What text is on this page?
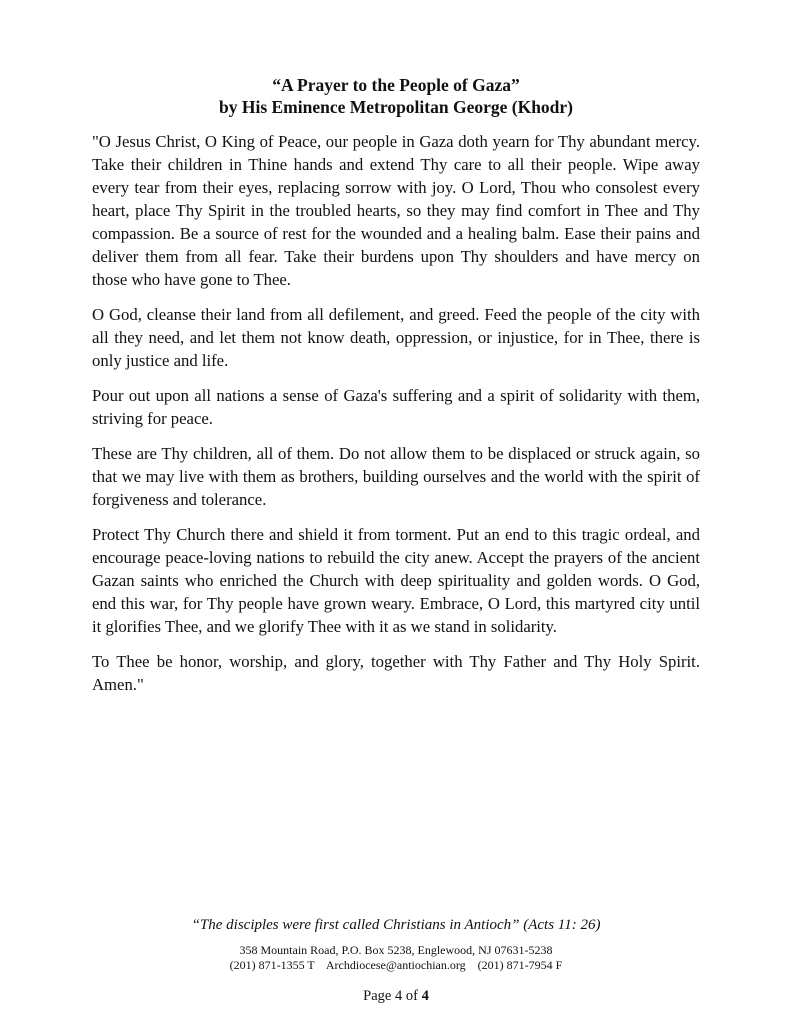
“A Prayer to the People of Gaza”

by His Eminence Metropolitan George (Khodr)

"O Jesus Christ, O King of Peace, our people in Gaza doth yearn for Thy abundant mercy. Take their children in Thine hands and extend Thy care to all their people. Wipe away every tear from their eyes, replacing sorrow with joy. O Lord, Thou who consolest every heart, place Thy Spirit in the troubled hearts, so they may find comfort in Thee and Thy compassion. Be a source of rest for the wounded and a healing balm. Ease their pains and deliver them from all fear. Take their burdens upon Thy shoulders and have mercy on those who have gone to Thee.

O God, cleanse their land from all defilement, and greed. Feed the people of the city with all they need, and let them not know death, oppression, or injustice, for in Thee, there is only justice and life.

Pour out upon all nations a sense of Gaza's suffering and a spirit of solidarity with them, striving for peace.

These are Thy children, all of them. Do not allow them to be displaced or struck again, so that we may live with them as brothers, building ourselves and the world with the spirit of forgiveness and tolerance.

Protect Thy Church there and shield it from torment. Put an end to this tragic ordeal, and encourage peace-loving nations to rebuild the city anew. Accept the prayers of the ancient Gazan saints who enriched the Church with deep spirituality and golden words. O God, end this war, for Thy people have grown weary. Embrace, O Lord, this martyred city until it glorifies Thee, and we glorify Thee with it as we stand in solidarity.

To Thee be honor, worship, and glory, together with Thy Father and Thy Holy Spirit. Amen."

“The disciples were first called Christians in Antioch” (Acts 11: 26)

358 Mountain Road, P.O. Box 5238, Englewood, NJ 07631-5238

(201) 871-1355 T    Archdiocese@antiochian.org    (201) 871-7954 F

Page 4 of 4
